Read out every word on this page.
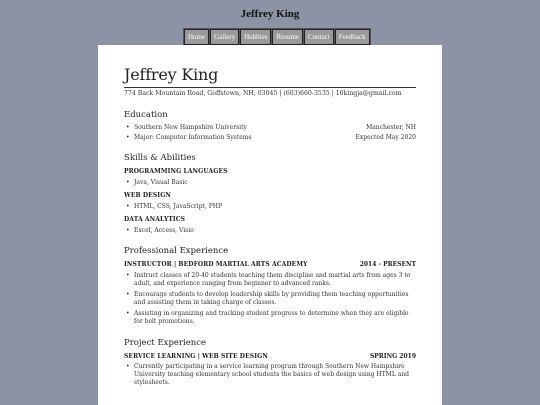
Jeffrey King
Home	Gallery	Hobbies	Resume	Contact	Feedback
Jeffrey King
774 Back Mountain Road, Goffstown, NH, 03045 | (603)660-3535 | 16kingja@gmail.com
Education
• Southern New Hampshire University	Manchester, NH
• Major: Computer Information Systems	Expected May 2020
Skills & Abilities
PROGRAMMING LANGUAGES
• Java, Visual Basic
WEB DESIGN
• HTML, CSS, JavaScript, PHP
DATA ANALYTICS
• Excel, Access, Visio
Professional Experience
INSTRUCTOR | BEDFORD MARTIAL ARTS ACADEMY	2014 - PRESENT
• Instruct classes of 20-40 students teaching them discipline and martial arts from ages 3 to adult, and experience ranging from beginner to advanced ranks.
• Encourage students to develop leadership skills by providing them teaching opportunities and assisting them in taking charge of classes.
• Assisting in organizing and tracking student progress to determine when they are eligible for belt promotions.
Project Experience
SERVICE LEARNING | WEB SITE DESIGN	SPRING 2019
• Currently participating in a service learning program through Southern New Hampshire University teaching elementary school students the basics of web design using HTML and stylesheets.
